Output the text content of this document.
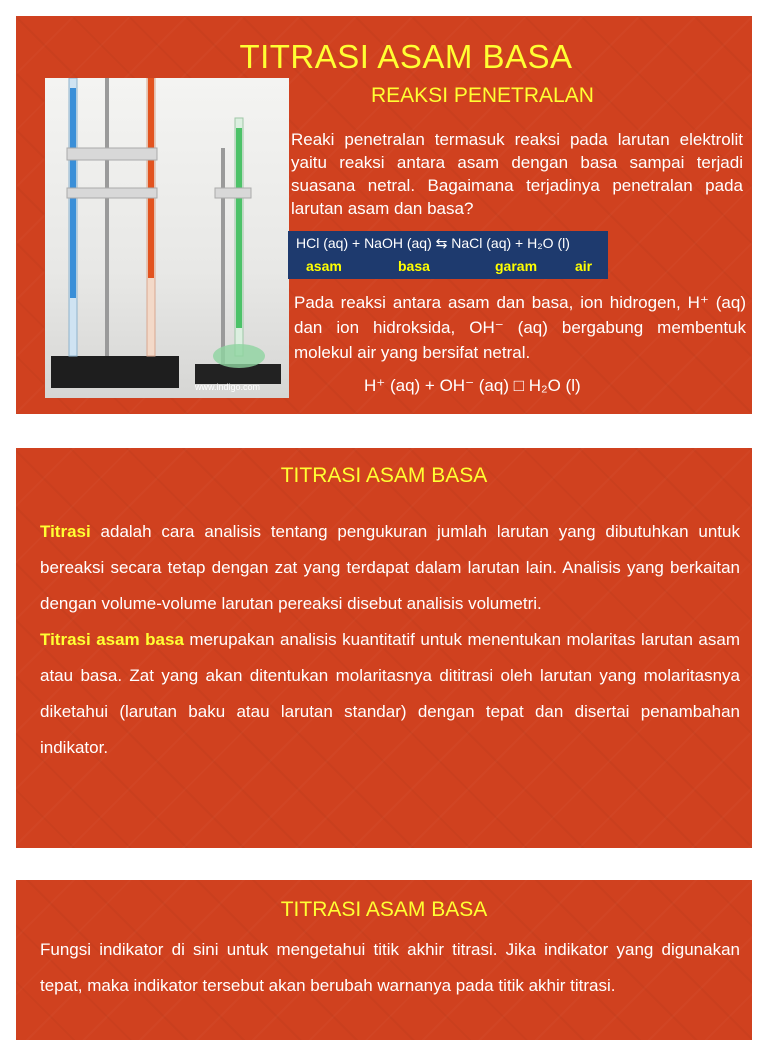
TITRASI ASAM BASA
REAKSI PENETRALAN
www.indigo.com

Reaki penetralan termasuk reaksi pada larutan elektrolit yaitu reaksi antara asam dengan basa sampai terjadi suasana netral. Bagaimana terjadinya penetralan pada larutan asam dan basa?

HCl (aq) + NaOH (aq) ⇆ NaCl (aq) + H₂O (l)
asam	basa	garam	air

Pada reaksi antara asam dan basa, ion hidrogen, H⁺ (aq) dan ion hidroksida, OH⁻ (aq) bergabung membentuk molekul air yang bersifat netral.

H⁺ (aq) + OH⁻ (aq) □ H₂O (l)
TITRASI ASAM BASA

Titrasi adalah cara analisis tentang pengukuran jumlah larutan yang dibutuhkan untuk bereaksi secara tetap dengan zat yang terdapat dalam larutan lain. Analisis yang berkaitan dengan volume-volume larutan pereaksi disebut analisis volumetri.

Titrasi asam basa merupakan analisis kuantitatif untuk menentukan molaritas larutan asam atau basa. Zat yang akan ditentukan molaritasnya dititrasi oleh larutan yang molaritasnya diketahui (larutan baku atau larutan standar) dengan tepat dan disertai penambahan indikator.

TITRASI ASAM BASA

Fungsi indikator di sini untuk mengetahui titik akhir titrasi. Jika indikator yang digunakan tepat, maka indikator tersebut akan berubah warnanya pada titik akhir titrasi.
